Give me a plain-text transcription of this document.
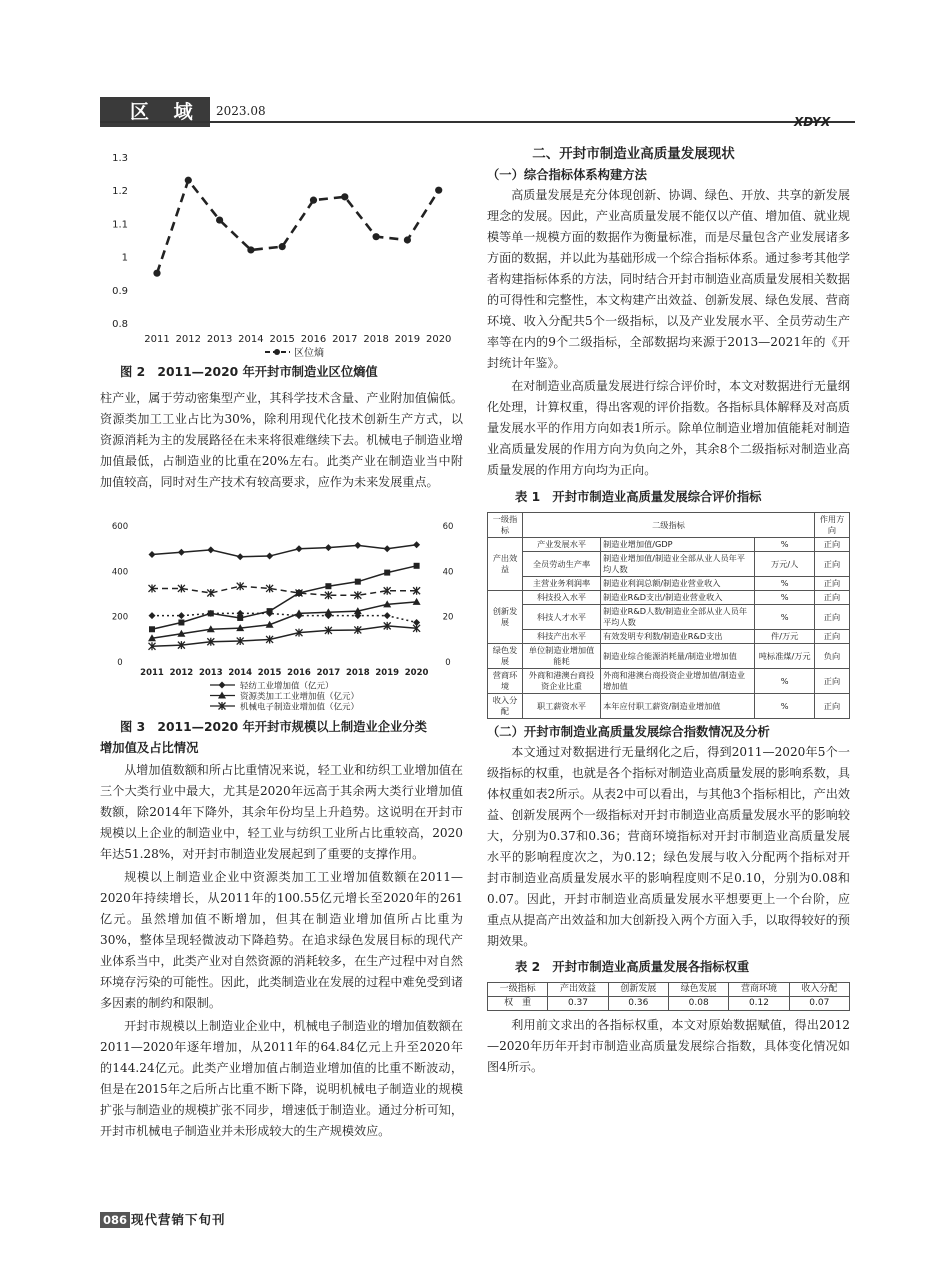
区 域	2023.08
XDYX
1.3
1.2
1.1
1
0.9
0.8
2011 2012 2013 2014 2015 2016 2017 2018 2019 2020
区位熵
图 2　2011—2020 年开封市制造业区位熵值

柱产业，属于劳动密集型产业，其科学技术含量、产业附加值偏低。资源类加工工业占比为30%，除利用现代化技术创新生产方式，以资源消耗为主的发展路径在未来将很难继续下去。机械电子制造业增加值最低，占制造业的比重在20%左右。此类产业在制造业当中附加值较高，同时对生产技术有较高要求，应作为未来发展重点。

600
400
200
0
60
40
20
0
2011 2012 2013 2014 2015 2016 2017 2018 2019 2020
轻纺工业增加值（亿元）
资源类加工工业增加值（亿元）
机械电子制造业增加值（亿元）
图 3　2011—2020 年开封市规模以上制造业企业分类
增加值及占比情况

从增加值数额和所占比重情况来说，轻工业和纺织工业增加值在三个大类行业中最大，尤其是2020年远高于其余两大类行业增加值数额，除2014年下降外，其余年份均呈上升趋势。这说明在开封市规模以上企业的制造业中，轻工业与纺织工业所占比重较高，2020年达51.28%，对开封市制造业发展起到了重要的支撑作用。

规模以上制造业企业中资源类加工工业增加值数额在2011—2020年持续增长，从2011年的100.55亿元增长至2020年的261亿元。虽然增加值不断增加，但其在制造业增加值所占比重为30%，整体呈现轻微波动下降趋势。在追求绿色发展目标的现代产业体系当中，此类产业对自然资源的消耗较多，在生产过程中对自然环境存污染的可能性。因此，此类制造业在发展的过程中难免受到诸多因素的制约和限制。

开封市规模以上制造业企业中，机械电子制造业的增加值数额在2011—2020年逐年增加，从2011年的64.84亿元上升至2020年的144.24亿元。此类产业增加值占制造业增加值的比重不断波动，但是在2015年之后所占比重不断下降，说明机械电子制造业的规模扩张与制造业的规模扩张不同步，增速低于制造业。通过分析可知，开封市机械电子制造业并未形成较大的生产规模效应。

二、开封市制造业高质量发展现状
（一）综合指标体系构建方法

高质量发展是充分体现创新、协调、绿色、开放、共享的新发展理念的发展。因此，产业高质量发展不能仅以产值、增加值、就业规模等单一规模方面的数据作为衡量标准，而是尽量包含产业发展诸多方面的数据，并以此为基础形成一个综合指标体系。通过参考其他学者构建指标体系的方法，同时结合开封市制造业高质量发展相关数据的可得性和完整性，本文构建产出效益、创新发展、绿色发展、营商环境、收入分配共5个一级指标，以及产业发展水平、全员劳动生产率等在内的9个二级指标，全部数据均来源于2013—2021年的《开封统计年鉴》。

在对制造业高质量发展进行综合评价时，本文对数据进行无量纲化处理，计算权重，得出客观的评价指数。各指标具体解释及对高质量发展水平的作用方向如表1所示。除单位制造业增加值能耗对制造业高质量发展的作用方向为负向之外，其余8个二级指标对制造业高质量发展的作用方向均为正向。

表 1　开封市制造业高质量发展综合评价指标
一级指标	二级指标			作用方向
产出效益	产业发展水平	制造业增加值/GDP	%	正向
	全员劳动生产率	制造业增加值/制造业全部从业人员年平均人数	万元/人	正向
	主营业务利润率	制造业利润总额/制造业营业收入	%	正向
创新发展	科技投入水平	制造业R&D支出/制造业营业收入	%	正向
	科技人才水平	制造业R&D人数/制造业全部从业人员年平均人数	%	正向
	科技产出水平	有效发明专利数/制造业R&D支出	件/万元	正向
绿色发展	单位制造业增加值能耗	制造业综合能源消耗量/制造业增加值	吨标准煤/万元	负向
营商环境	外商和港澳台商投资企业比重	外商和港澳台商投资企业增加值/制造业增加值	%	正向
收入分配	职工薪资水平	本年应付职工薪资/制造业增加值	%	正向
（二）开封市制造业高质量发展综合指数情况及分析

本文通过对数据进行无量纲化之后，得到2011—2020年5个一级指标的权重，也就是各个指标对制造业高质量发展的影响系数，具体权重如表2所示。从表2中可以看出，与其他3个指标相比，产出效益、创新发展两个一级指标对开封市制造业高质量发展水平的影响较大，分别为0.37和0.36；营商环境指标对开封市制造业高质量发展水平的影响程度次之，为0.12；绿色发展与收入分配两个指标对开封市制造业高质量发展水平的影响程度则不足0.10，分别为0.08和0.07。因此，开封市制造业高质量发展水平想要更上一个台阶，应重点从提高产出效益和加大创新投入两个方面入手，以取得较好的预期效果。

表 2　开封市制造业高质量发展各指标权重
一级指标	产出效益	创新发展	绿色发展	营商环境	收入分配
权　重	0.37	0.36	0.08	0.12	0.07

利用前文求出的各指标权重，本文对原始数据赋值，得出2012—2020年历年开封市制造业高质量发展综合指数，具体变化情况如图4所示。

086 现代营销下旬刊
